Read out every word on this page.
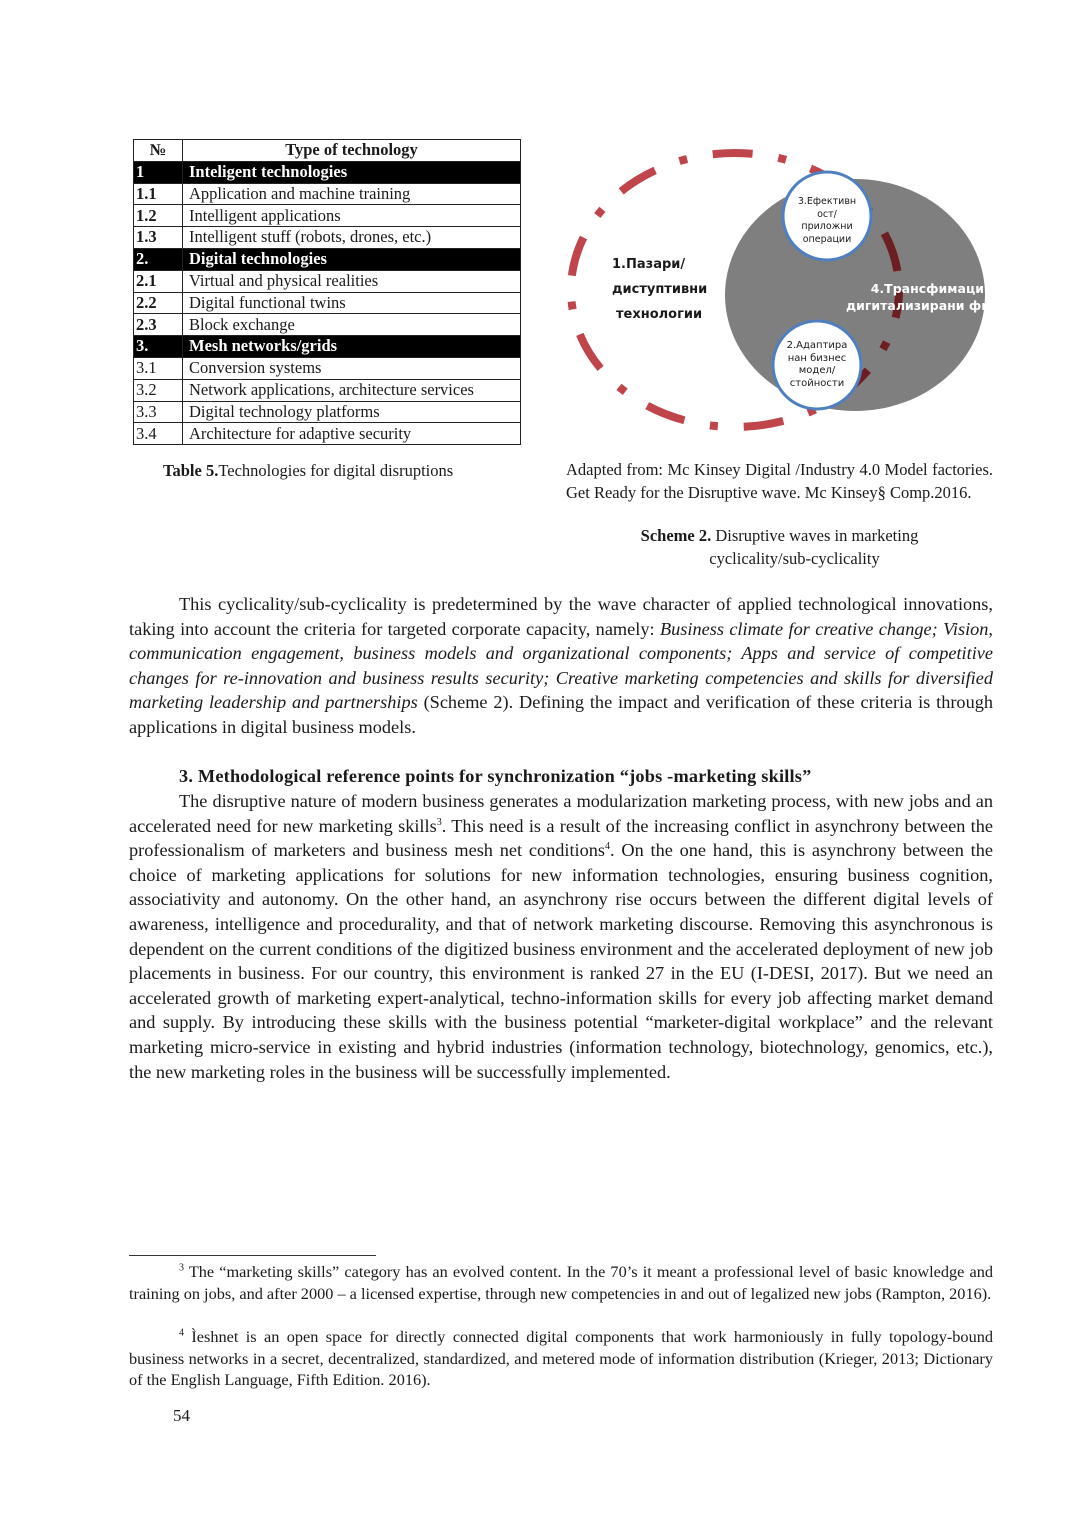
№	Type of technology
1	Inteligent technologies
1.1	Application and machine training
1.2	Intelligent applications
1.3	Intelligent stuff (robots, drones, etc.)
2.	Digital technologies
2.1	Virtual and physical realities
2.2	Digital functional twins
2.3	Block exchange
3.	Mesh networks/grids
3.1	Conversion systems
3.2	Network applications, architecture services
3.3	Digital technology platforms
3.4	Architecture for adaptive security
Table 5.Technologies for digital disruptions
1.Пазари/
диступтивни
технологии
3.Ефективн
ост/
приложни
операции
2.Адаптира
нан бизнес
модел/
стойности
4.Трансфимации в
дигитализирани фирми
Adapted from: Mc Kinsey Digital /Industry 4.0 Model factories. Get Ready for the Disruptive wave. Mc Kinsey§ Comp.2016.
Scheme 2. Disruptive waves in marketing
cyclicality/sub-cyclicality

This cyclicality/sub-cyclicality is predetermined by the wave character of applied technological innovations, taking into account the criteria for targeted corporate capacity, namely: Business climate for creative change; Vision, communication engagement, business models and organizational components; Apps and service of competitive changes for re-innovation and business results security; Creative marketing competencies and skills for diversified marketing leadership and partnerships (Scheme 2). Defining the impact and verification of these criteria is through applications in digital business models.

3. Methodological reference points for synchronization “jobs -marketing skills”

The disruptive nature of modern business generates a modularization marketing process, with new jobs and an accelerated need for new marketing skills$^3$. This need is a result of the increasing conflict in asynchrony between the professionalism of marketers and business mesh net conditions$^4$. On the one hand, this is asynchrony between the choice of marketing applications for solutions for new information technologies, ensuring business cognition, associativity and autonomy. On the other hand, an asynchrony rise occurs between the different digital levels of awareness, intelligence and procedurality, and that of network marketing discourse. Removing this asynchronous is dependent on the current conditions of the digitized business environment and the accelerated deployment of new job placements in business. For our country, this environment is ranked 27 in the EU (I-DESI, 2017). But we need an accelerated growth of marketing expert-analytical, techno-information skills for every job affecting market demand and supply. By introducing these skills with the business potential “marketer-digital workplace” and the relevant marketing micro-service in existing and hybrid industries (information technology, biotechnology, genomics, etc.), the new marketing roles in the business will be successfully implemented.

$^3$ The “marketing skills” category has an evolved content. In the 70’s it meant a professional level of basic knowledge and training on jobs, and after 2000 – a licensed expertise, through new competencies in and out of legalized new jobs (Rampton, 2016).

$^4$ Ìeshnet is an open space for directly connected digital components that work harmoniously in fully topology-bound business networks in a secret, decentralized, standardized, and metered mode of information distribution (Krieger, 2013; Dictionary of the English Language, Fifth Edition. 2016).

54
